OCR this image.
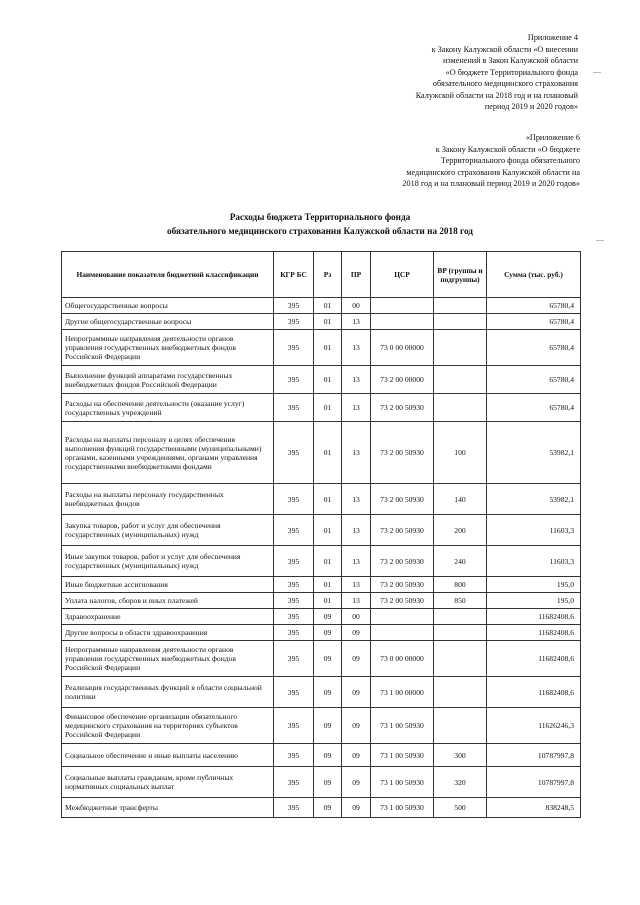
Приложение 4
к Закону Калужской области «О внесении
изменений в Закон Калужской области
«О бюджете Территориального фонда
обязательного медицинского страхования
Калужской области на 2018 год и на плановый
период 2019 и 2020 годов»
«Приложение 6
к Закону Калужской области «О бюджете
Территориального фонда обязательного
медицинского страхования Калужской области на
2018 год и на плановый период 2019 и 2020 годов»
Расходы бюджета Территориального фонда
обязательного медицинского страхования Калужской области на 2018 год
Наименование показателя бюджетной классификации	КГР БС	Рз	ПР	ЦСР	ВР (группы и подгруппы)	Сумма (тыс. руб.)
Общегосударственные вопросы	395	01	00			65780,4
Другие общегосударственные вопросы	395	01	13			65780,4
Непрограммные направления деятельности органов управления государственных внебюджетных фондов Российской Федерации	395	01	13	73 0 00 00000		65780,4
Выполнение функций аппаратами государственных внебюджетных фондов Российской Федерации	395	01	13	73 2 00 00000		65780,4
Расходы на обеспечение деятельности (оказание услуг) государственных учреждений	395	01	13	73 2 00 50930		65780,4
Расходы на выплаты персоналу в целях обеспечения выполнения функций государственными (муниципальными) органами, казенными учреждениями, органами управления государственными внебюджетными фондами	395	01	13	73 2 00 50930	100	53982,1
Расходы на выплаты персоналу государственных внебюджетных фондов	395	01	13	73 2 00 50930	140	53982,1
Закупка товаров, работ и услуг для обеспечения государственных (муниципальных) нужд	395	01	13	73 2 00 50930	200	11603,3
Иные закупки товаров, работ и услуг для обеспечения государственных (муниципальных) нужд	395	01	13	73 2 00 50930	240	11603,3
Иные бюджетные ассигнования	395	01	13	73 2 00 50930	800	195,0
Уплата налогов, сборов и иных платежей	395	01	13	73 2 00 50930	850	195,0
Здравоохранение	395	09	00			11682408,6
Другие вопросы в области здравоохранения	395	09	09			11682408,6
Непрограммные направления деятельности органов управления государственных внебюджетных фондов Российской Федерации	395	09	09	73 0 00 00000		11682408,6
Реализация государственных функций в области социальной политики	395	09	09	73 1 00 00000		11682408,6
Финансовое обеспечение организации обязательного медицинского страхования на территориях субъектов Российской Федерации	395	09	09	73 1 00 50930		11626246,3
Социальное обеспечение и иные выплаты населению	395	09	09	73 1 00 50930	300	10787997,8
Социальные выплаты гражданам, кроме публичных нормативных социальных выплат	395	09	09	73 1 00 50930	320	10787997,8
Межбюджетные трансферты	395	09	09	73 1 00 50930	500	838248,5
